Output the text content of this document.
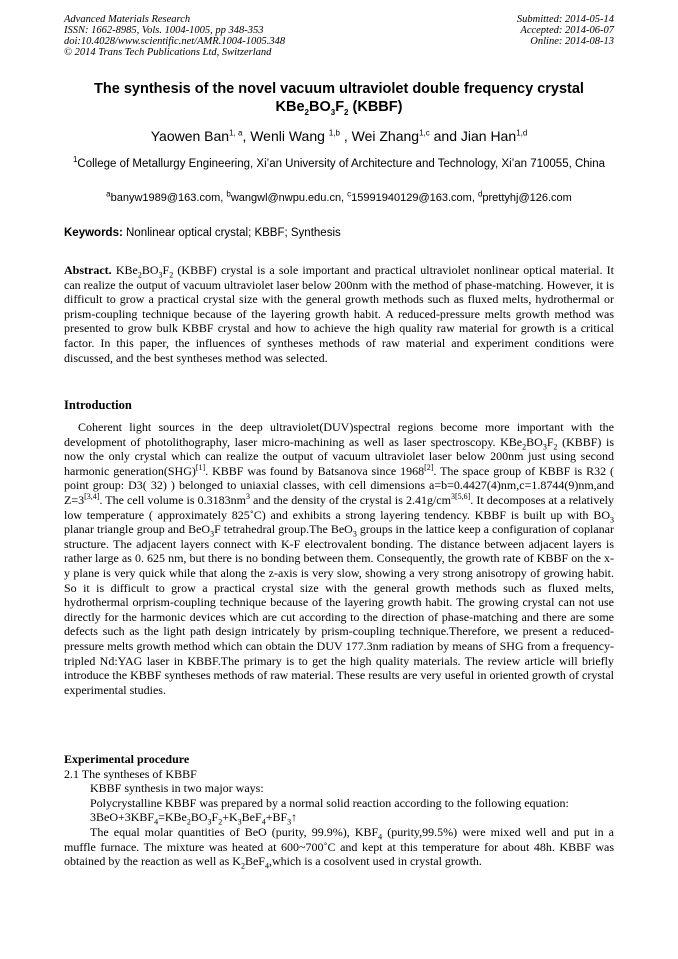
Advanced Materials Research
ISSN: 1662-8985, Vols. 1004-1005, pp 348-353
doi:10.4028/www.scientific.net/AMR.1004-1005.348
© 2014 Trans Tech Publications Ltd, Switzerland
Submitted: 2014-05-14
Accepted: 2014-06-07
Online: 2014-08-13
The synthesis of the novel vacuum ultraviolet double frequency crystal
$KBe_2BO_3F_2$ (KBBF)
Yaowen Ban$^{1, a}$, Wenli Wang $^{1,b}$ , Wei Zhang$^{1,c}$ and Jian Han$^{1,d}$
$^1$College of Metallurgy Engineering, Xi’an University of Architecture and Technology, Xi’an 710055, China
$^a$banyw1989@163.com, $^b$wangwl@nwpu.edu.cn, $^c$15991940129@163.com, $^d$prettyhj@126.com
Keywords: Nonlinear optical crystal; KBBF; Synthesis
Abstract. $KBe_2BO_3F_2$ (KBBF) crystal is a sole important and practical ultraviolet nonlinear optical material. It can realize the output of vacuum ultraviolet laser below 200nm with the method of phase-matching. However, it is difficult to grow a practical crystal size with the general growth methods such as fluxed melts, hydrothermal or prism-coupling technique because of the layering growth habit. A reduced-pressure melts growth method was presented to grow bulk KBBF crystal and how to achieve the high quality raw material for growth is a critical factor. In this paper, the influences of syntheses methods of raw material and experiment conditions were discussed, and the best syntheses method was selected.
Introduction
Coherent light sources in the deep ultraviolet(DUV)spectral regions become more important with the development of photolithography, laser micro-machining as well as laser spectroscopy. $KBe_2BO_3F_2$ (KBBF) is now the only crystal which can realize the output of vacuum ultraviolet laser below 200nm just using second harmonic generation(SHG)[1]. KBBF was found by Batsanova since 1968[2]. The space group of KBBF is R32 ( point group: D3( 32) ) belonged to uniaxial classes, with cell dimensions a=b=0.4427(4)nm,c=1.8744(9)nm,and Z=3[3,4]. The cell volume is $0.3183nm^3$ and the density of the crystal is $2.41g/cm^{3[5,6]}$. It decomposes at a relatively low temperature ( approximately 825˚C) and exhibits a strong layering tendency. KBBF is built up with $BO_3$ planar triangle group and BeO$_3$F tetrahedral group.The BeO$_3$ groups in the lattice keep a configuration of coplanar structure. The adjacent layers connect with K-F electrovalent bonding. The distance between adjacent layers is rather large as 0. 625 nm, but there is no bonding between them. Consequently, the growth rate of KBBF on the x-y plane is very quick while that along the z-axis is very slow, showing a very strong anisotropy of growing habit. So it is difficult to grow a practical crystal size with the general growth methods such as fluxed melts, hydrothermal orprism-coupling technique because of the layering growth habit. The growing crystal can not use directly for the harmonic devices which are cut according to the direction of phase-matching and there are some defects such as the light path design intricately by prism-coupling technique.Therefore, we present a reduced-pressure melts growth method which can obtain the DUV 177.3nm radiation by means of SHG from a frequency-tripled Nd:YAG laser in KBBF.The primary is to get the high quality materials. The review article will briefly introduce the KBBF syntheses methods of raw material. These results are very useful in oriented growth of crystal experimental studies.

Experimental procedure

2.1 The syntheses of KBBF

KBBF synthesis in two major ways:

Polycrystalline KBBF was prepared by a normal solid reaction according to the following equation:

$3BeO+3KBF_4=KBe_2BO_3F_2+K_3BeF_4+BF_3↑$

The equal molar quantities of BeO (purity, 99.9%), $KBF_4$ (purity,99.5%) were mixed well and put in a muffle furnace. The mixture was heated at 600~700˚C and kept at this temperature for about 48h. KBBF was obtained by the reaction as well as $K_2BeF_4,which$ is a cosolvent used in crystal growth.
